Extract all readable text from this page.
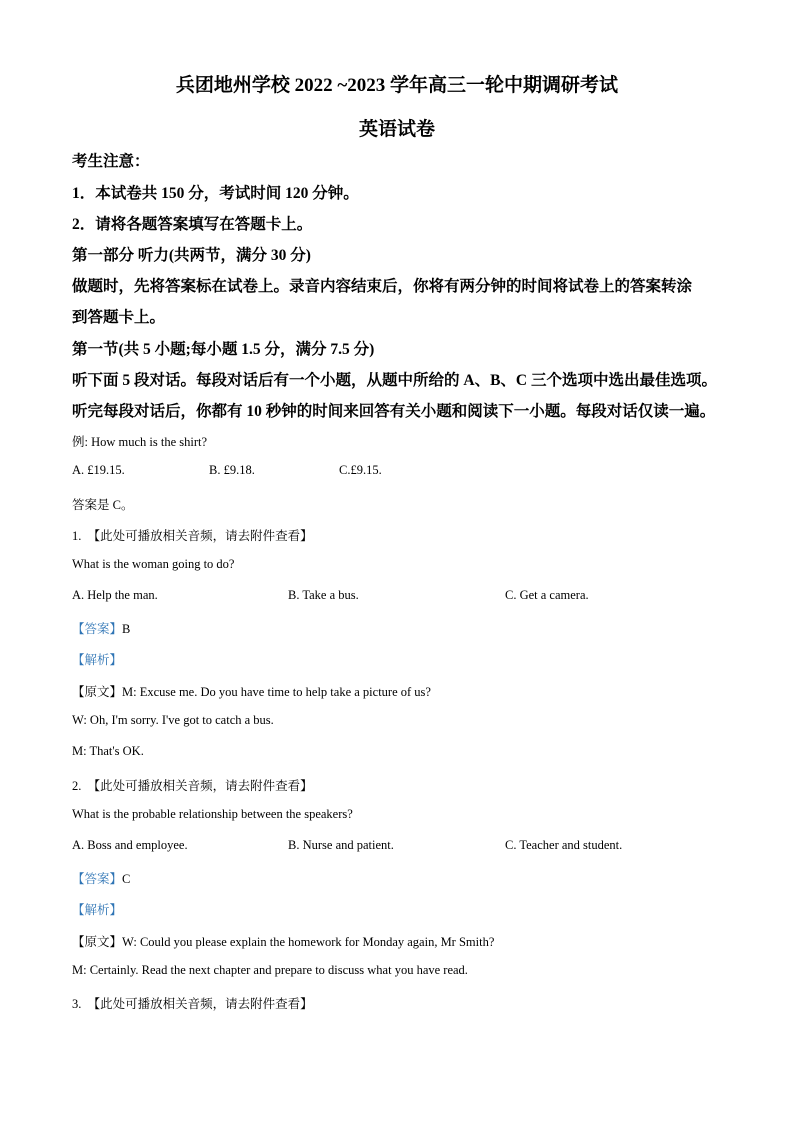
兵团地州学校 2022 ~2023 学年高三一轮中期调研考试
英语试卷
考生注意：
1．本试卷共 150 分，考试时间 120 分钟。
2．请将各题答案填写在答题卡上。
第一部分 听力(共两节，满分 30 分)
做题时，先将答案标在试卷上。录音内容结束后，你将有两分钟的时间将试卷上的答案转涂
到答题卡上。
第一节(共 5 小题;每小题 1.5 分，满分 7.5 分)
听下面 5 段对话。每段对话后有一个小题，从题中所给的 A、B、C 三个选项中选出最佳选项。
听完每段对话后，你都有 10 秒钟的时间来回答有关小题和阅读下一小题。每段对话仅读一遍。
例: How much is the shirt?
A. £19.15.	B. £9.18.	C.£9.15.
答案是 C。
1. 【此处可播放相关音频，请去附件查看】
What is the woman going to do?
A. Help the man.	B. Take a bus.	C. Get a camera.
【答案】B
【解析】
【原文】M: Excuse me. Do you have time to help take a picture of us?
W: Oh, I'm sorry. I've got to catch a bus.
M: That's OK.
2. 【此处可播放相关音频，请去附件查看】
What is the probable relationship between the speakers?
A. Boss and employee.	B. Nurse and patient.	C. Teacher and student.
【答案】C
【解析】
【原文】W: Could you please explain the homework for Monday again, Mr Smith?
M: Certainly. Read the next chapter and prepare to discuss what you have read.
3. 【此处可播放相关音频，请去附件查看】
